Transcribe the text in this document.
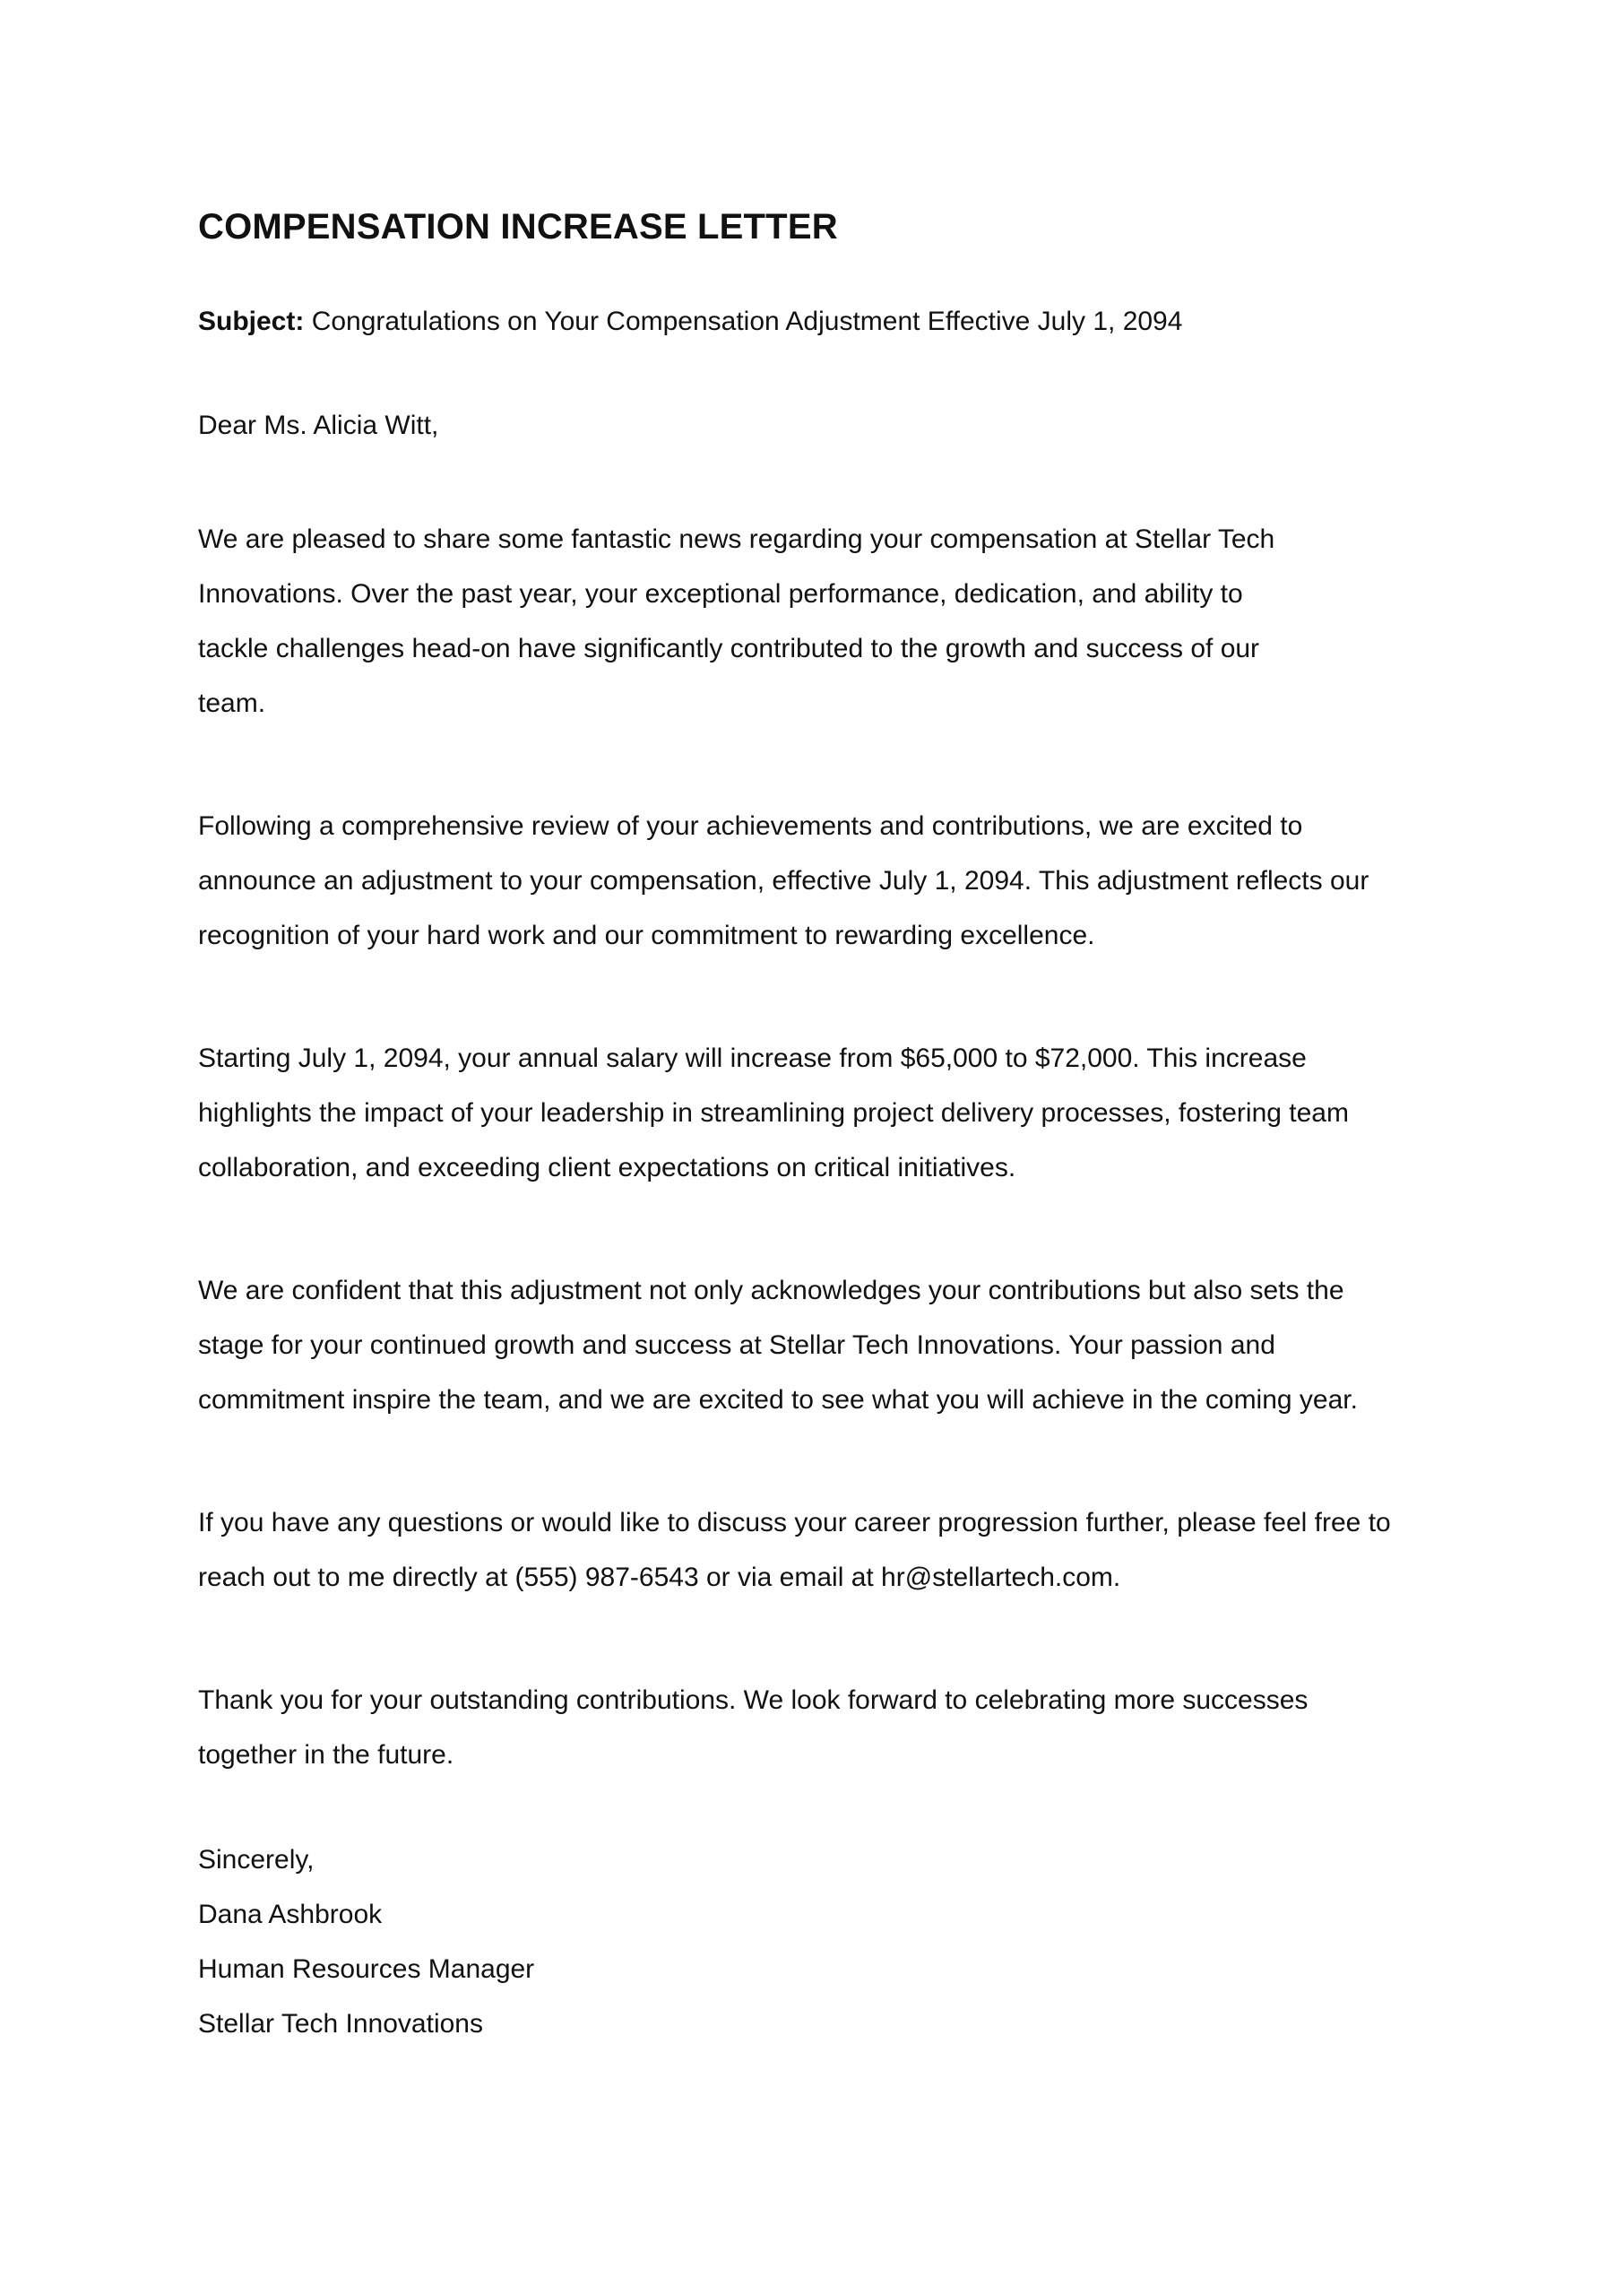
COMPENSATION INCREASE LETTER

Subject: Congratulations on Your Compensation Adjustment Effective July 1, 2094

Dear Ms. Alicia Witt,

We are pleased to share some fantastic news regarding your compensation at Stellar Tech Innovations. Over the past year, your exceptional performance, dedication, and ability to tackle challenges head-on have significantly contributed to the growth and success of our team.

Following a comprehensive review of your achievements and contributions, we are excited to announce an adjustment to your compensation, effective July 1, 2094. This adjustment reflects our recognition of your hard work and our commitment to rewarding excellence.

Starting July 1, 2094, your annual salary will increase from $65,000 to $72,000. This increase highlights the impact of your leadership in streamlining project delivery processes, fostering team collaboration, and exceeding client expectations on critical initiatives.

We are confident that this adjustment not only acknowledges your contributions but also sets the stage for your continued growth and success at Stellar Tech Innovations. Your passion and commitment inspire the team, and we are excited to see what you will achieve in the coming year.

If you have any questions or would like to discuss your career progression further, please feel free to reach out to me directly at (555) 987-6543 or via email at hr@stellartech.com.

Thank you for your outstanding contributions. We look forward to celebrating more successes together in the future.

Sincerely,
Dana Ashbrook
Human Resources Manager
Stellar Tech Innovations
